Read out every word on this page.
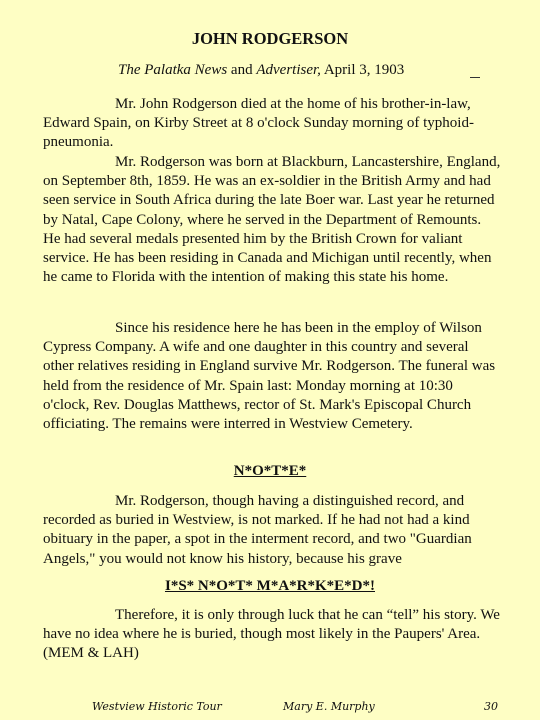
JOHN RODGERSON
The Palatka News and Advertiser, April 3, 1903

Mr. John Rodgerson died at the home of his brother-in-law, Edward Spain, on Kirby Street at 8 o'clock Sunday morning of typhoid-pneumonia.

Mr. Rodgerson was born at Blackburn, Lancastershire, England, on September 8th, 1859. He was an ex-soldier in the British Army and had seen service in South Africa during the late Boer war. Last year he returned by Natal, Cape Colony, where he served in the Department of Remounts. He had several medals presented him by the British Crown for valiant service. He has been residing in Canada and Michigan until recently, when he came to Florida with the intention of making this state his home.

Since his residence here he has been in the employ of Wilson Cypress Company. A wife and one daughter in this country and several other relatives residing in England survive Mr. Rodgerson. The funeral was held from the residence of Mr. Spain last: Monday morning at 10:30 o'clock, Rev. Douglas Matthews, rector of St. Mark's Episcopal Church officiating. The remains were interred in Westview Cemetery.

N*O*T*E*

Mr. Rodgerson, though having a distinguished record, and recorded as buried in Westview, is not marked. If he had not had a kind obituary in the paper, a spot in the interment record, and two "Guardian Angels," you would not know his history, because his grave

I*S* N*O*T* M*A*R*K*E*D*!

Therefore, it is only through luck that he can “tell” his story. We have no idea where he is buried, though most likely in the Paupers' Area. (MEM & LAH)

Westview Historic Tour	Mary E. Murphy	30
